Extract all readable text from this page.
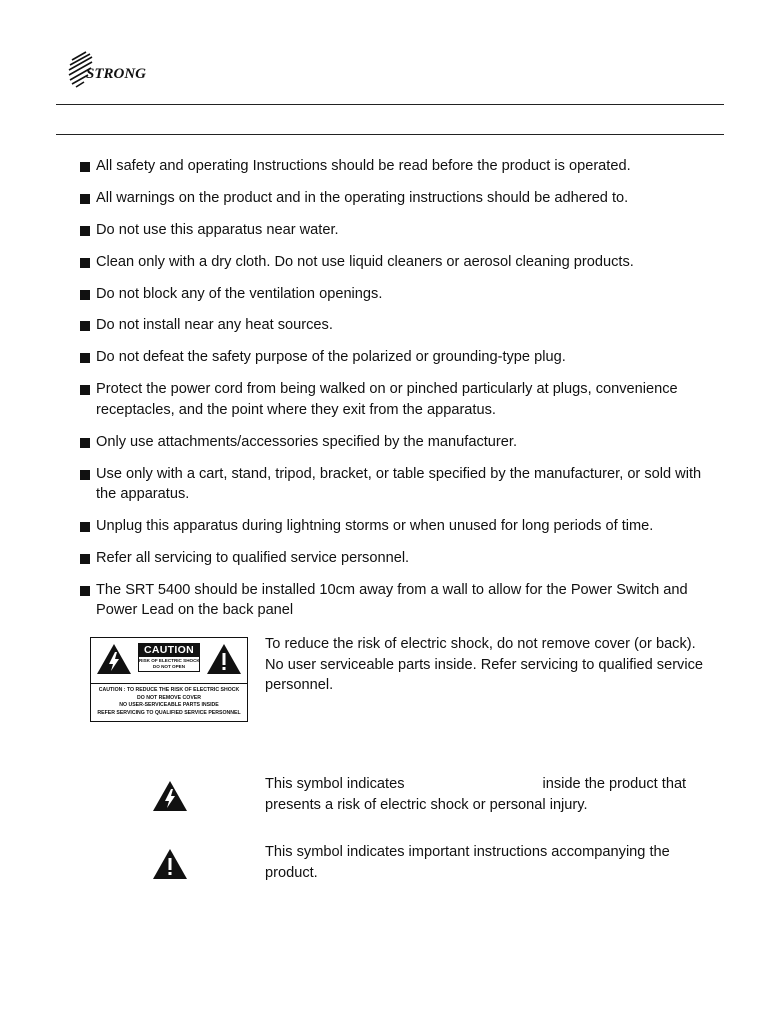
STRONG
All safety and operating Instructions should be read before the product is operated.
All warnings on the product and in the operating instructions should be adhered to.
Do not use this apparatus near water.
Clean only with a dry cloth. Do not use liquid cleaners or aerosol cleaning products.
Do not block any of the ventilation openings.
Do not install near any heat sources.
Do not defeat the safety purpose of the polarized or grounding-type plug.
Protect the power cord from being walked on or pinched particularly at plugs, convenience receptacles, and the point where they exit from the apparatus.
Only use attachments/accessories specified by the manufacturer.
Use only with a cart, stand, tripod, bracket, or table specified by the manufacturer, or sold with the apparatus.
Unplug this apparatus during lightning storms or when unused for long periods of time.
Refer all servicing to qualified service personnel.
The SRT 5400 should be installed 10cm away from a wall to allow for the Power Switch and Power Lead on the back panel
CAUTION
RISK OF ELECTRIC SHOCK
DO NOT OPEN
CAUTION : TO REDUCE THE RISK OF ELECTRIC SHOCK
DO NOT REMOVE COVER
NO USER-SERVICEABLE PARTS INSIDE
REFER SERVICING TO QUALIFIED SERVICE PERSONNEL
To reduce the risk of electric shock, do not remove cover (or back). No user serviceable parts inside. Refer servicing to qualified service personnel.
This symbol indicates	inside the product that presents a risk of electric shock or personal injury.
This symbol indicates important instructions accompanying the product.
